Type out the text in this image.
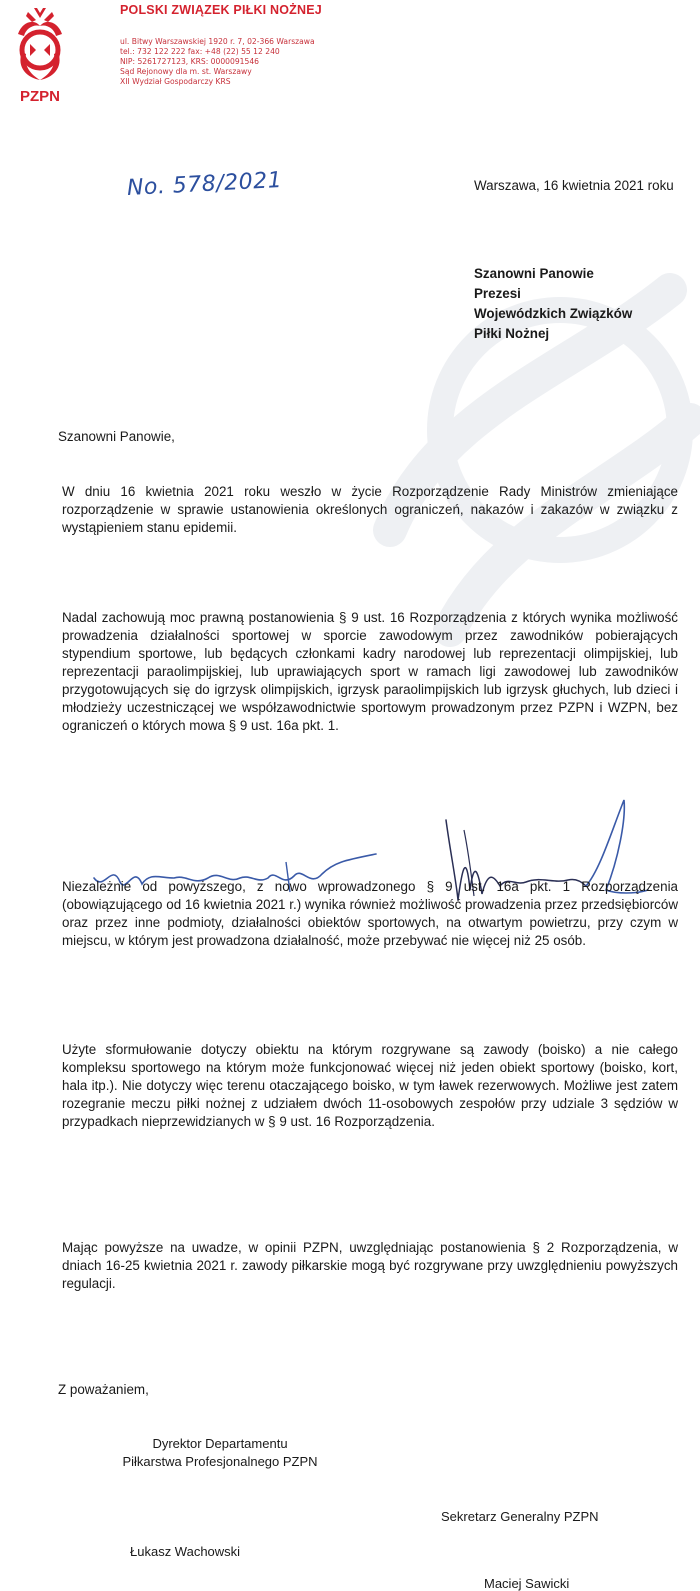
PZPN
POLSKI ZWIĄZEK PIŁKI NOŻNEJ
ul. Bitwy Warszawskiej 1920 r. 7, 02-366 Warszawa
tel.: 732 122 222 fax: +48 (22) 55 12 240
NIP: 5261727123, KRS: 0000091546
Sąd Rejonowy dla m. st. Warszawy
XII Wydział Gospodarczy KRS
No. 578/2021	Warszawa, 16 kwietnia 2021 roku
Szanowni Panowie
Prezesi
Wojewódzkich Związków
Piłki Nożnej
Szanowni Panowie,
W dniu 16 kwietnia 2021 roku weszło w życie Rozporządzenie Rady Ministrów zmieniające rozporządzenie w sprawie ustanowienia określonych ograniczeń, nakazów i zakazów w związku z wystąpieniem stanu epidemii.
Nadal zachowują moc prawną postanowienia § 9 ust. 16 Rozporządzenia z których wynika możliwość prowadzenia działalności sportowej w sporcie zawodowym przez zawodników pobierających stypendium sportowe, lub będących członkami kadry narodowej lub reprezentacji olimpijskiej, lub reprezentacji paraolimpijskiej, lub uprawiających sport w ramach ligi zawodowej lub zawodników przygotowujących się do igrzysk olimpijskich, igrzysk paraolimpijskich lub igrzysk głuchych, lub dzieci i młodzieży uczestniczącej we współzawodnictwie sportowym prowadzonym przez PZPN i WZPN, bez ograniczeń o których mowa § 9 ust. 16a pkt. 1.
Niezależnie od powyższego, z nowo wprowadzonego § 9 ust. 16a pkt. 1 Rozporządzenia (obowiązującego od 16 kwietnia 2021 r.) wynika również możliwość prowadzenia przez przedsiębiorców oraz przez inne podmioty, działalności obiektów sportowych, na otwartym powietrzu, przy czym w miejscu, w którym jest prowadzona działalność, może przebywać nie więcej niż 25 osób.
Użyte sformułowanie dotyczy obiektu na którym rozgrywane są zawody (boisko) a nie całego kompleksu sportowego na którym może funkcjonować więcej niż jeden obiekt sportowy (boisko, kort, hala itp.). Nie dotyczy więc terenu otaczającego boisko, w tym ławek rezerwowych. Możliwe jest zatem rozegranie meczu piłki nożnej z udziałem dwóch 11-osobowych zespołów przy udziale 3 sędziów w przypadkach nieprzewidzianych w § 9 ust. 16 Rozporządzenia.
Mając powyższe na uwadze, w opinii PZPN, uwzględniając postanowienia § 2 Rozporządzenia, w dniach 16-25 kwietnia 2021 r. zawody piłkarskie mogą być rozgrywane przy uwzględnieniu powyższych regulacji.
Z poważaniem,
Dyrektor Departamentu
Piłkarstwa Profesjonalnego PZPN
Łukasz Wachowski
Sekretarz Generalny PZPN
Maciej Sawicki
